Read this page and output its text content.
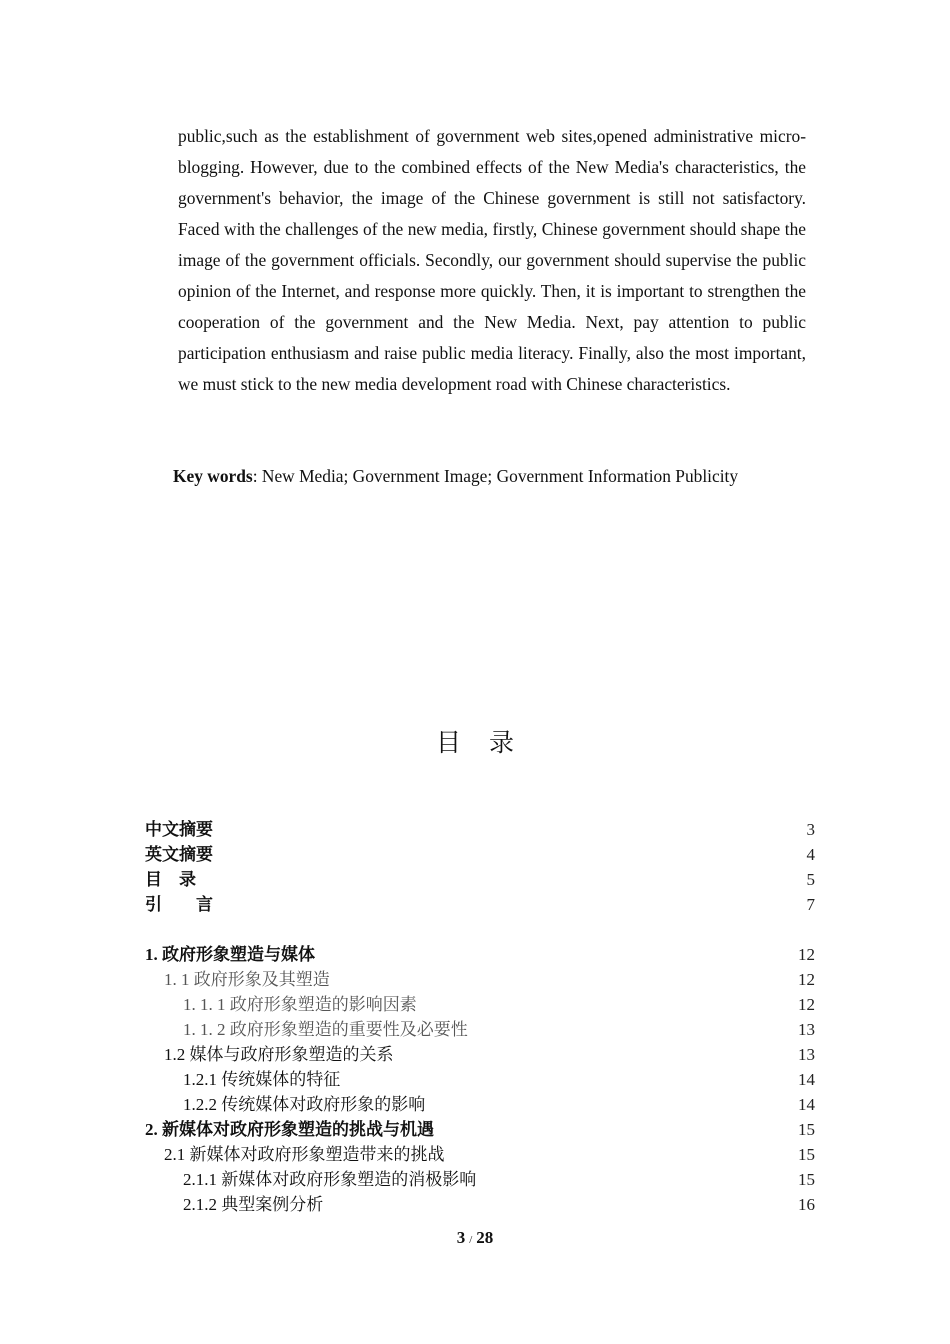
public,such as the establishment of government web sites,opened administrative micro-blogging. However, due to the combined effects of the New Media's characteristics, the government's behavior, the image of the Chinese government is still not satisfactory. Faced with the challenges of the new media, firstly, Chinese government should shape the image of the government officials. Secondly, our government should supervise the public opinion of the Internet, and response more quickly. Then, it is important to strengthen the cooperation of the government and the New Media. Next, pay attention to public participation enthusiasm and raise public media literacy. Finally, also the most important, we must stick to the new media development road with Chinese characteristics.

Key words: New Media; Government Image; Government Information Publicity
目录
中文摘要	3
英文摘要	4
目    录	5
引        言	7
1. 政府形象塑造与媒体	12
1. 1 政府形象及其塑造	12
1. 1. 1 政府形象塑造的影响因素	12
1. 1. 2 政府形象塑造的重要性及必要性	13
1.2 媒体与政府形象塑造的关系	13
1.2.1 传统媒体的特征	14
1.2.2 传统媒体对政府形象的影响	14
2. 新媒体对政府形象塑造的挑战与机遇	15
2.1 新媒体对政府形象塑造带来的挑战	15
2.1.1 新媒体对政府形象塑造的消极影响	15
2.1.2 典型案例分析	16
3 / 28
